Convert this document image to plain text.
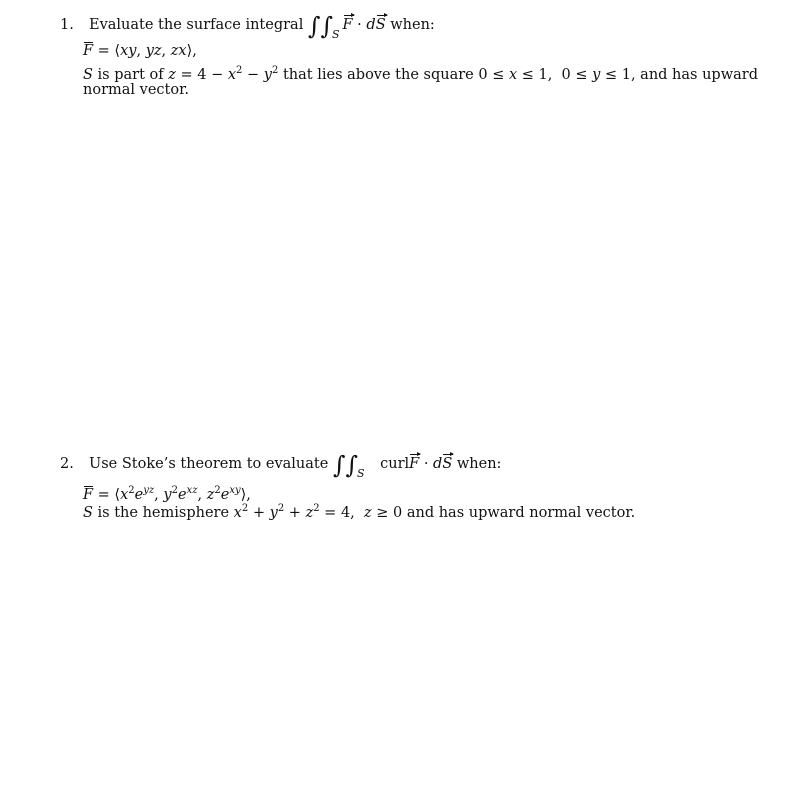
1. Evaluate the surface integral $\int\int_SF$ · dS when:
F = ⟨xy, yz, zx⟩,
S is part of $z = 4 - x^2 - y^2$ that lies above the square 0 ≤ x ≤ 1,  0 ≤ y ≤ 1, and has upward
normal vector.
2. Use Stoke’s theorem to evaluate $\int\int_S$ curlF · dS when:
$F = ⟨x^2e^{yz}$, $y^2e^{xz}$, $z^2e^{xy}⟩$,
S is the hemisphere $x^2 + y^2 + z^2 = 4$,  z ≥ 0 and has upward normal vector.
